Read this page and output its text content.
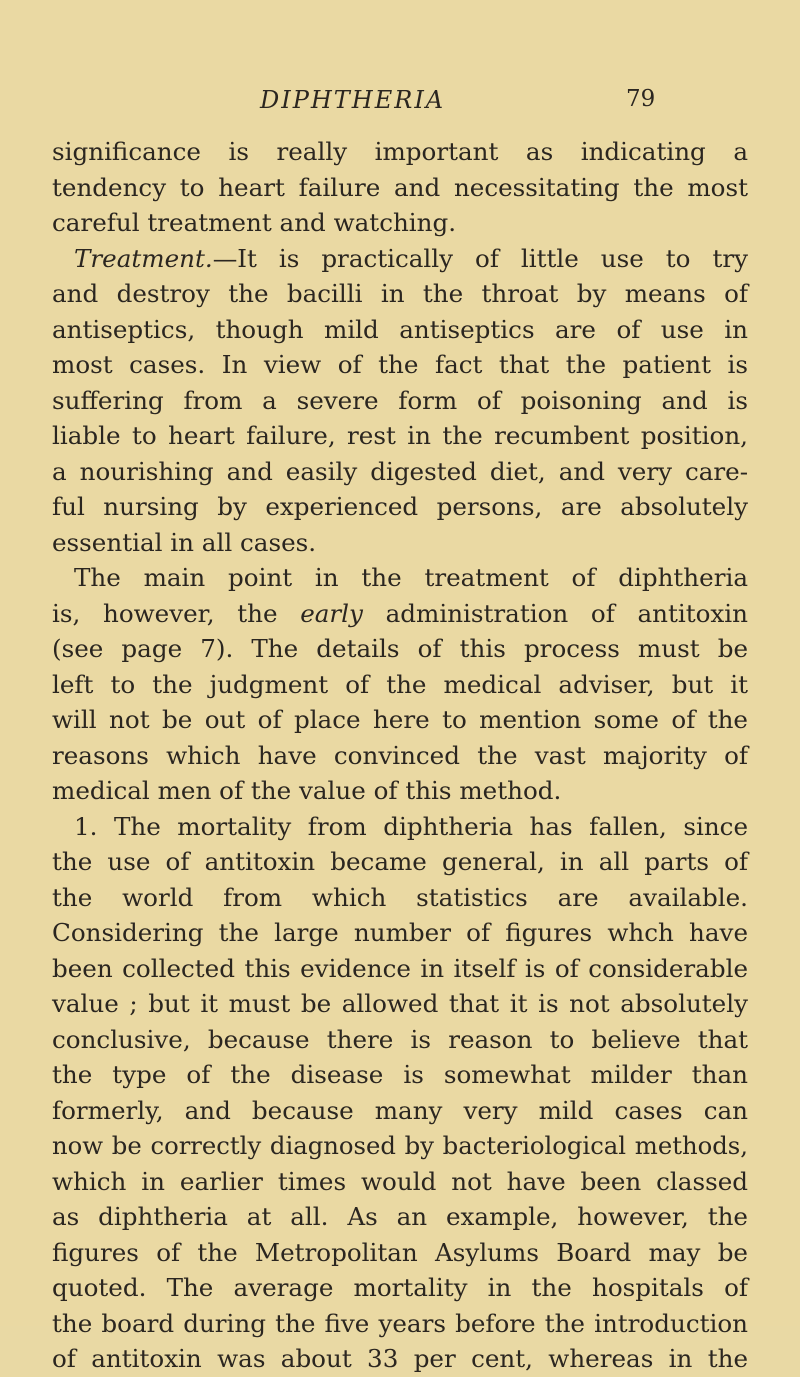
DIPHTHERIA	79
significance is really important as indicating a
tendency to heart failure and necessitating the most
careful treatment and watching.
Treatment.—It is practically of little use to try
and destroy the bacilli in the throat by means of
antiseptics, though mild antiseptics are of use in
most cases. In view of the fact that the patient is
suffering from a severe form of poisoning and is
liable to heart failure, rest in the recumbent position,
a nourishing and easily digested diet, and very care-
ful nursing by experienced persons, are absolutely
essential in all cases.
The main point in the treatment of diphtheria
is, however, the early administration of antitoxin
(see page 7). The details of this process must be
left to the judgment of the medical adviser, but it
will not be out of place here to mention some of the
reasons which have convinced the vast majority of
medical men of the value of this method.
1. The mortality from diphtheria has fallen, since
the use of antitoxin became general, in all parts of
the world from which statistics are available.
Considering the large number of figures whch have
been collected this evidence in itself is of considerable
value ; but it must be allowed that it is not absolutely
conclusive, because there is reason to believe that
the type of the disease is somewhat milder than
formerly, and because many very mild cases can
now be correctly diagnosed by bacteriological methods,
which in earlier times would not have been classed
as diphtheria at all. As an example, however, the
figures of the Metropolitan Asylums Board may be
quoted. The average mortality in the hospitals of
the board during the five years before the introduction
of antitoxin was about 33 per cent, whereas in the
